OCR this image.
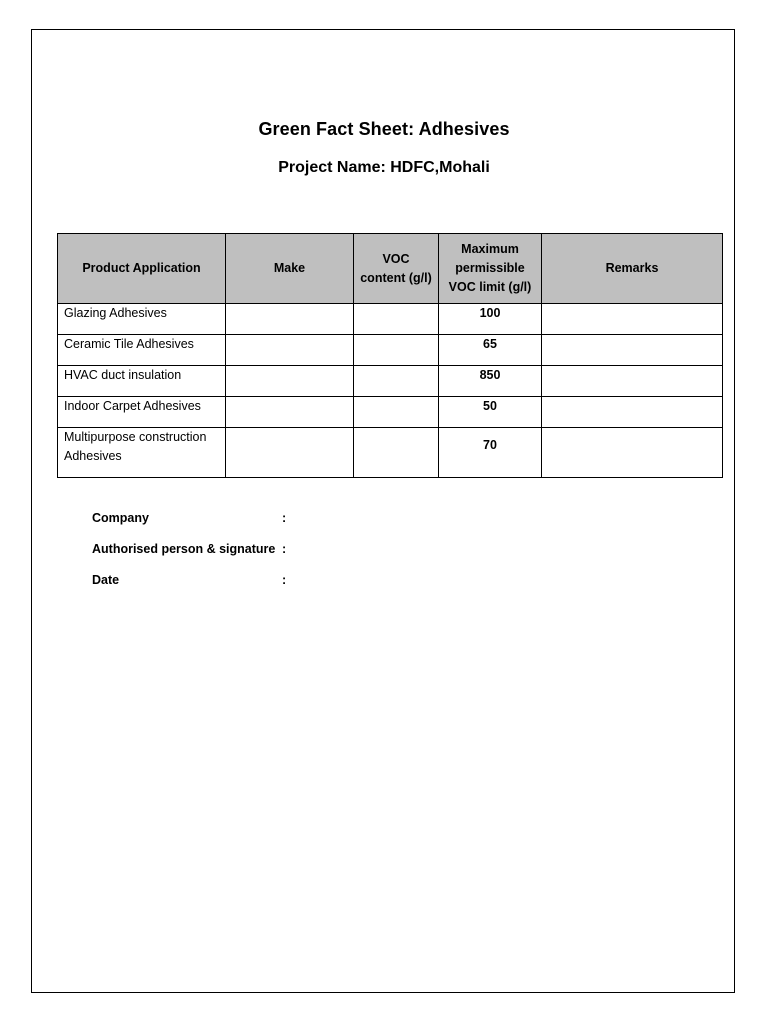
Green Fact Sheet: Adhesives
Project Name: HDFC,Mohali
Product Application	Make	VOC content (g/l)	Maximum permissible VOC limit (g/l)	Remarks
Glazing Adhesives			100	
Ceramic Tile Adhesives			65	
HVAC duct insulation			850	
Indoor Carpet Adhesives			50	
Multipurpose construction Adhesives			70	
Company	:
Authorised person & signature :
Date	:
